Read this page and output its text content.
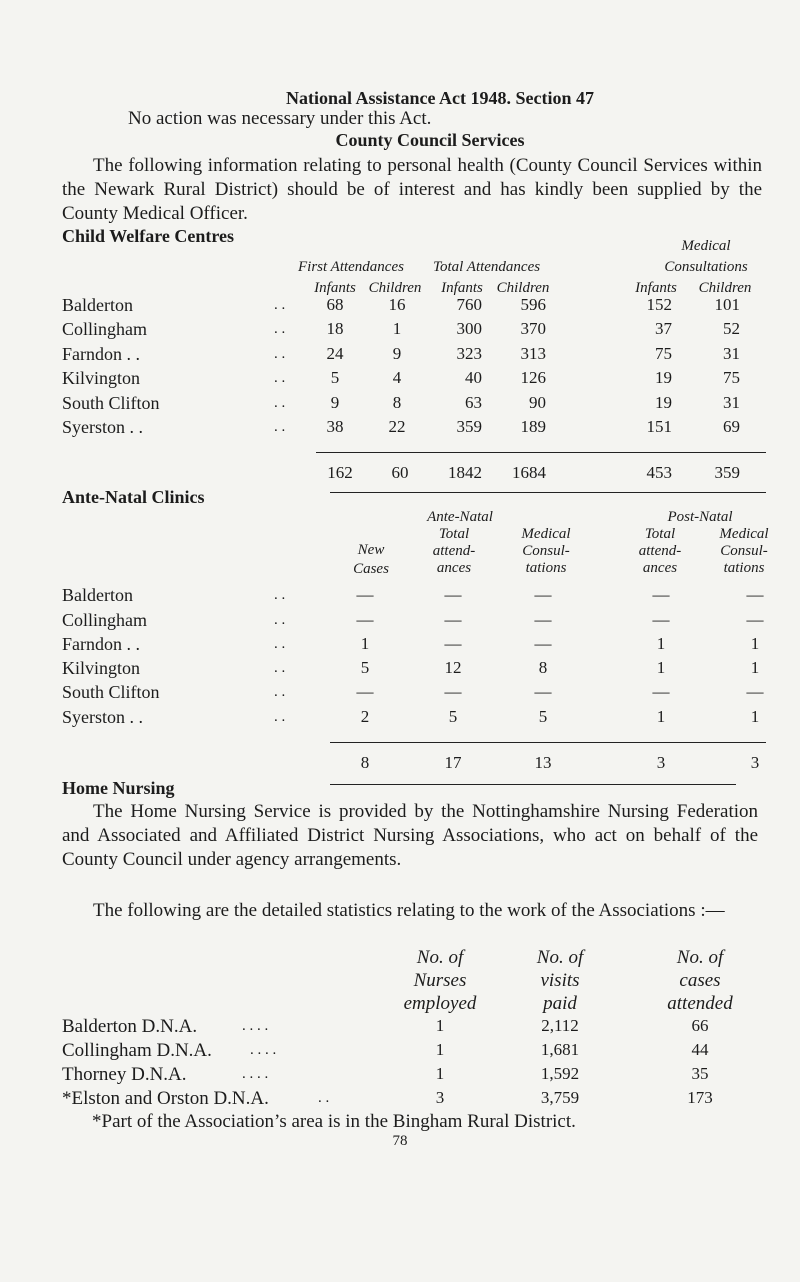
National Assistance Act 1948. Section 47
No action was necessary under this Act.
County Council Services

The following information relating to personal health (County Council Services within the Newark Rural District) should be of interest and has kindly been supplied by the County Medical Officer.

Child Welfare Centres
First Attendances Total Attendances
Medical
Consultations
Infants Children	Infants Children	Infants	Children
Balderton	. .	68	16	760	596	152	101
Collingham	. .	18	1	300	370	37	52
Farndon . .	. .	24	9	323	313	75	31
Kilvington	. .	5	4	40	126	19	75
South Clifton	. .	9	8	63	90	19	31
Syerston . .	. .	38	22	359	189	151	69
162	60	1842	1684	453	359
Ante-Natal Clinics
Ante-Natal	Post-Natal
New
Cases
Total
attend-
ances
Medical
Consul-
tations
Total
attend-
ances
Medical
Consul-
tations
Balderton	. .	—	—	—	—	—
Collingham	. .	—	—	—	—	—
Farndon . .	. .	1	—	—	1	1
Kilvington	. .	5	12	8	1	1
South Clifton	. .	—	—	—	—	—
Syerston . .	. .	2	5	5	1	1
8	17	13	3	3
Home Nursing

The Home Nursing Service is provided by the Nottinghamshire Nursing Federation and Associated and Affiliated District Nursing Associations, who act on behalf of the County Council under agency arrangements.

The following are the detailed statistics relating to the work of the Associations :—

No. of
Nurses
employed
No. of
visits
paid
No. of
cases
attended
Balderton D.N.A.	. . . .	1	2,112	66
Collingham D.N.A.	. . . .	1	1,681	44
Thorney D.N.A.	. . . .	1	1,592	35
*Elston and Orston D.N.A.	. .	3	3,759	173
*Part of the Association’s area is in the Bingham Rural District.
78
